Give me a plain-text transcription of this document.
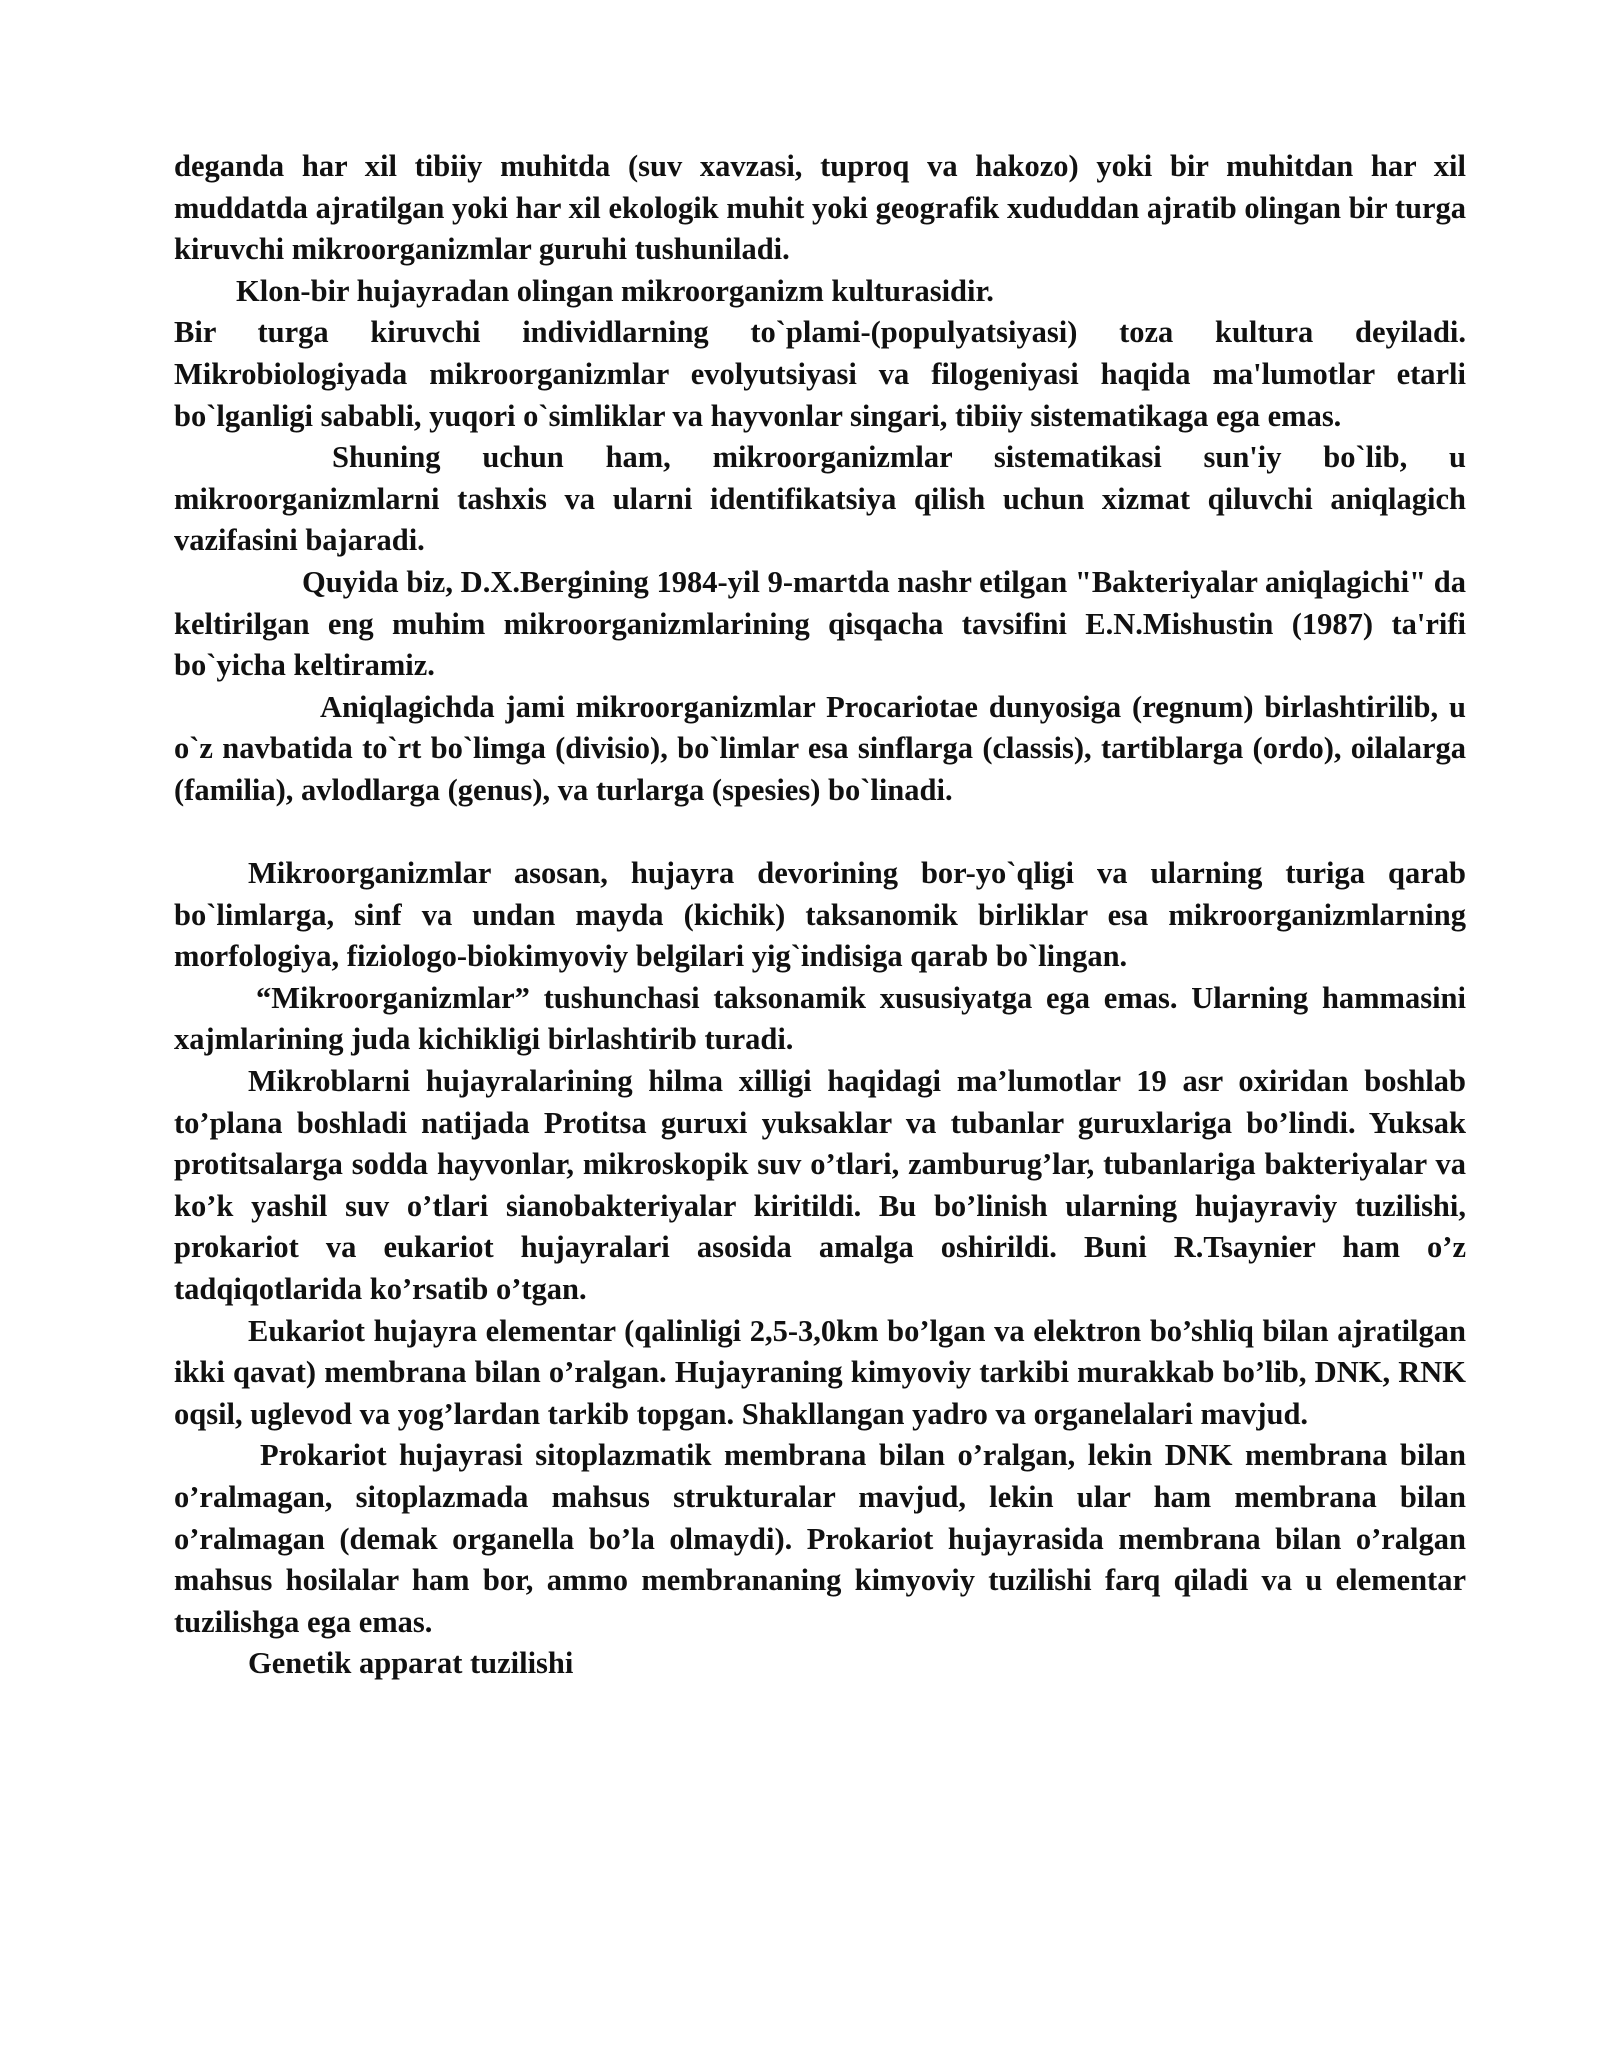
deganda har xil tibiiy muhitda (suv xavzasi, tuproq va hakozo) yoki bir muhitdan har xil muddatda ajratilgan yoki har xil ekologik muhit yoki geografik xududdan ajratib olingan bir turga kiruvchi mikroorganizmlar guruhi tushuniladi.

Klon-bir hujayradan olingan mikroorganizm kulturasidir.

Bir turga kiruvchi individlarning to`plami-(populyatsiyasi) toza kultura deyiladi. Mikrobiologiyada mikroorganizmlar evolyutsiyasi va filogeniyasi haqida ma'lumotlar etarli bo`lganligi sababli, yuqori o`simliklar va hayvonlar singari, tibiiy sistematikaga ega emas.

Shuning uchun ham, mikroorganizmlar sistematikasi sun'iy bo`lib, u mikroorganizmlarni tashxis va ularni identifikatsiya qilish uchun xizmat qiluvchi aniqlagich vazifasini bajaradi.

Quyida biz, D.X.Bergining 1984-yil 9-martda nashr etilgan "Bakteriyalar aniqlagichi" da keltirilgan eng muhim mikroorganizmlarining qisqacha tavsifini E.N.Mishustin (1987) ta'rifi bo`yicha keltiramiz.

Aniqlagichda jami mikroorganizmlar Procariotae dunyosiga (regnum) birlashtirilib, u o`z navbatida to`rt bo`limga (divisio), bo`limlar esa sinflarga (classis), tartiblarga (ordo), oilalarga (familia), avlodlarga (genus), va turlarga (spesies) bo`linadi.

Mikroorganizmlar asosan, hujayra devorining bor-yo`qligi va ularning turiga qarab bo`limlarga, sinf va undan mayda (kichik) taksanomik birliklar esa mikroorganizmlarning morfologiya, fiziologo-biokimyoviy belgilari yig`indisiga qarab bo`lingan.

“Mikroorganizmlar” tushunchasi taksonamik xususiyatga ega emas. Ularning hammasini xajmlarining juda kichikligi birlashtirib turadi.

Mikroblarni hujayralarining hilma xilligi haqidagi ma’lumotlar 19 asr oxiridan boshlab to’plana boshladi natijada Protitsa guruxi yuksaklar va tubanlar guruxlariga bo’lindi. Yuksak protitsalarga sodda hayvonlar, mikroskopik suv o’tlari, zamburug’lar, tubanlariga bakteriyalar va ko’k yashil suv o’tlari sianobakteriyalar kiritildi. Bu bo’linish ularning hujayraviy tuzilishi, prokariot va eukariot hujayralari asosida amalga oshirildi. Buni R.Tsaynier ham o’z tadqiqotlarida ko’rsatib o’tgan.

Eukariot hujayra elementar (qalinligi 2,5-3,0km bo’lgan va elektron bo’shliq bilan ajratilgan ikki qavat) membrana bilan o’ralgan. Hujayraning kimyoviy tarkibi murakkab bo’lib, DNK, RNK oqsil, uglevod va yog’lardan tarkib topgan. Shakllangan yadro va organelalari mavjud.

Prokariot hujayrasi sitoplazmatik membrana bilan o’ralgan, lekin DNK membrana bilan o’ralmagan, sitoplazmada mahsus strukturalar mavjud, lekin ular ham membrana bilan o’ralmagan (demak organella bo’la olmaydi). Prokariot hujayrasida membrana bilan o’ralgan mahsus hosilalar ham bor, ammo membrananing kimyoviy tuzilishi farq qiladi va u elementar tuzilishga ega emas.

Genetik apparat tuzilishi
